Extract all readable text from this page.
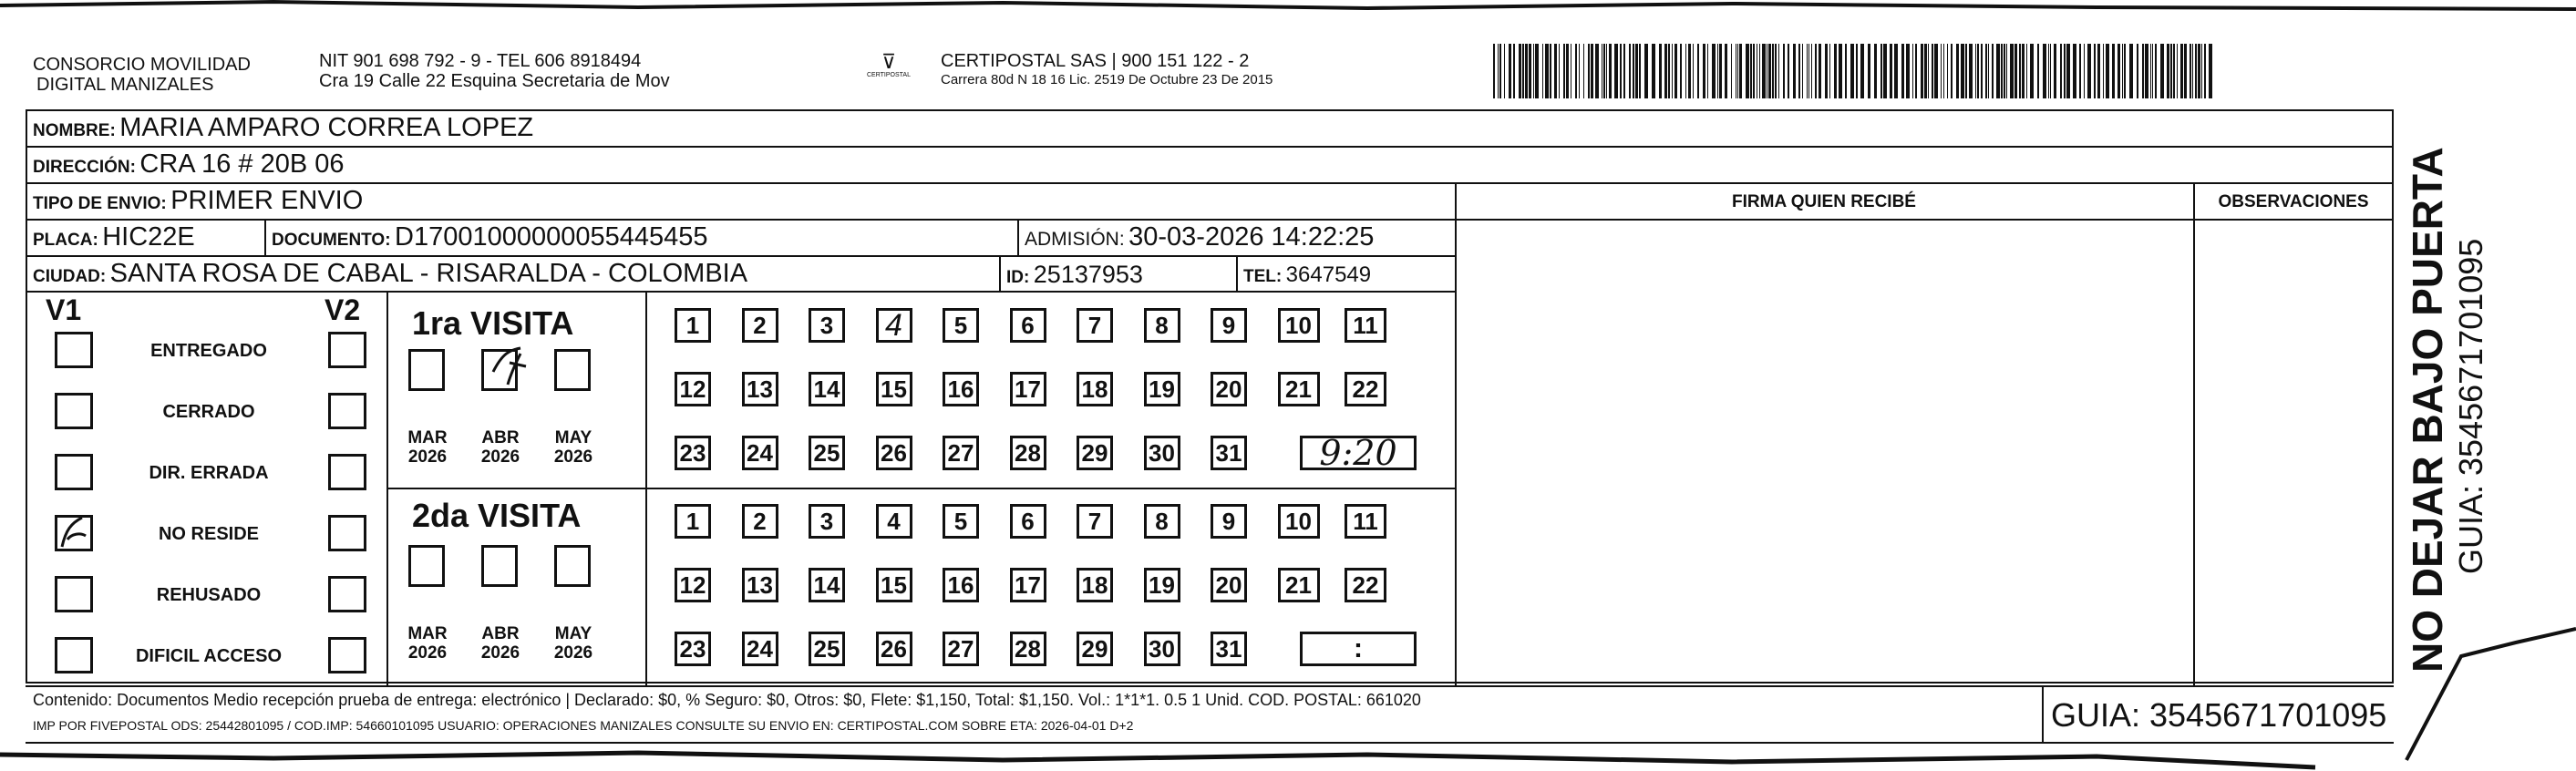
CONSORCIO MOVILIDAD
DIGITAL MANIZALES
NIT 901 698 792 - 9 - TEL 606 8918494
Cra 19 Calle 22 Esquina Secretaria de Mov
⊽
CERTIPOSTAL
CERTIPOSTAL SAS | 900 151 122 - 2
Carrera 80d N 18 16 Lic. 2519 De Octubre 23 De 2015
NOMBRE: MARIA AMPARO CORREA LOPEZ
DIRECCIÓN: CRA 16 # 20B 06
TIPO DE ENVIO: PRIMER ENVIO	FIRMA QUIEN RECIBÉ	OBSERVACIONES
PLACA: HIC22E	DOCUMENTO: D17001000000055445455	ADMISIÓN: 30-03-2026 14:22:25
CIUDAD: SANTA ROSA DE CABAL - RISARALDA - COLOMBIA	ID: 25137953	TEL: 3647549
V1	V2
ENTREGADO
CERRADO
DIR. ERRADA
NO RESIDE
REHUSADO
DIFICIL ACCESO
1ra VISITA
2da VISITA
MAR
2026
ABR
2026
MAY
2026
1	2	3	4	5	6	7	8	9	10	11
12 13 14 15 16 17 18 19 20	21	22
23 24 25 26 27 28 29 30 31	9:20
MAR
2026
ABR
2026
MAY
2026
1	2	3	4	5	6	7	8	9	10	11
12 13 14 15 16 17 18 19 20	21	22
23 24 25 26 27 28 29 30 31	:
Contenido: Documentos Medio recepción prueba de entrega: electrónico | Declarado: $0, % Seguro: $0, Otros: $0, Flete: $1,150, Total: $1,150. Vol.: 1*1*1. 0.5 1 Unid. COD. POSTAL: 661020
IMP POR FIVEPOSTAL ODS: 25442801095 / COD.IMP: 54660101095 USUARIO: OPERACIONES MANIZALES CONSULTE SU ENVIO EN: CERTIPOSTAL.COM SOBRE ETA: 2026-04-01 D+2	GUIA: 3545671701095
NO DEJAR BAJO PUERTA GUIA: 3545671701095
